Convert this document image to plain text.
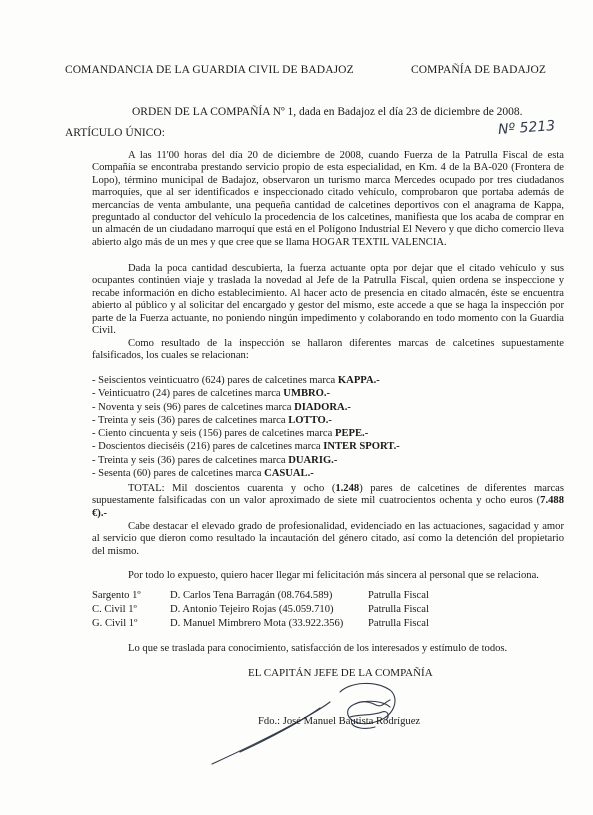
COMANDANCIA DE LA GUARDIA CIVIL DE BADAJOZ	COMPAÑÍA DE BADAJOZ
ORDEN DE LA COMPAÑÍA Nº 1, dada en Badajoz el día 23 de diciembre de 2008.
Nº 5213
ARTÍCULO ÚNICO:
A las 11'00 horas del día 20 de diciembre de 2008, cuando Fuerza de la Patrulla Fiscal de esta Compañía se encontraba prestando servicio propio de esta especialidad, en Km. 4 de la BA-020 (Frontera de Lopo), término municipal de Badajoz, observaron un turismo marca Mercedes ocupado por tres ciudadanos marroquíes, que al ser identificados e inspeccionado citado vehículo, comprobaron que portaba además de mercancías de venta ambulante, una pequeña cantidad de calcetines deportivos con el anagrama de Kappa, preguntado al conductor del vehículo la procedencia de los calcetines, manifiesta que los acaba de comprar en un almacén de un ciudadano marroquí que está en el Polígono Industrial El Nevero y que dicho comercio lleva abierto algo más de un mes y que cree que se llama HOGAR TEXTIL VALENCIA.
Dada la poca cantidad descubierta, la fuerza actuante opta por dejar que el citado vehículo y sus ocupantes continúen viaje y traslada la novedad al Jefe de la Patrulla Fiscal, quien ordena se inspeccione y recabe información en dicho establecimiento. Al hacer acto de presencia en citado almacén, éste se encuentra abierto al público y al solicitar del encargado y gestor del mismo, este accede a que se haga la inspección por parte de la Fuerza actuante, no poniendo ningún impedimento y colaborando en todo momento con la Guardia Civil.
Como resultado de la inspección se hallaron diferentes marcas de calcetines supuestamente falsificados, los cuales se relacionan:
- Seiscientos veinticuatro (624) pares de calcetines marca KAPPA.-
- Veinticuatro (24) pares de calcetines marca UMBRO.-
- Noventa y seis (96) pares de calcetines marca DIADORA.-
- Treinta y seis (36) pares de calcetines marca LOTTO.-
- Ciento cincuenta y seis (156) pares de calcetines marca PEPE.-
- Doscientos dieciséis (216) pares de calcetines marca INTER SPORT.-
- Treinta y seis (36) pares de calcetines marca DUARIG.-
- Sesenta (60) pares de calcetines marca CASUAL.-
TOTAL: Mil doscientos cuarenta y ocho (1.248) pares de calcetines de diferentes marcas supuestamente falsificadas con un valor aproximado de siete mil cuatrocientos ochenta y ocho euros (7.488 €).-
Cabe destacar el elevado grado de profesionalidad, evidenciado en las actuaciones, sagacidad y amor al servicio que dieron como resultado la incautación del género citado, así como la detención del propietario del mismo.
Por todo lo expuesto, quiero hacer llegar mi felicitación más sincera al personal que se relaciona.
Sargento 1º	D. Carlos Tena Barragán (08.764.589)	Patrulla Fiscal
C. Civil 1º	D. Antonio Tejeiro Rojas (45.059.710)	Patrulla Fiscal
G. Civil 1º	D. Manuel Mimbrero Mota (33.922.356)	Patrulla Fiscal
Lo que se traslada para conocimiento, satisfacción de los interesados y estímulo de todos.
EL CAPITÁN JEFE DE LA COMPAÑÍA
Fdo.: José Manuel Bautista Rodríguez
